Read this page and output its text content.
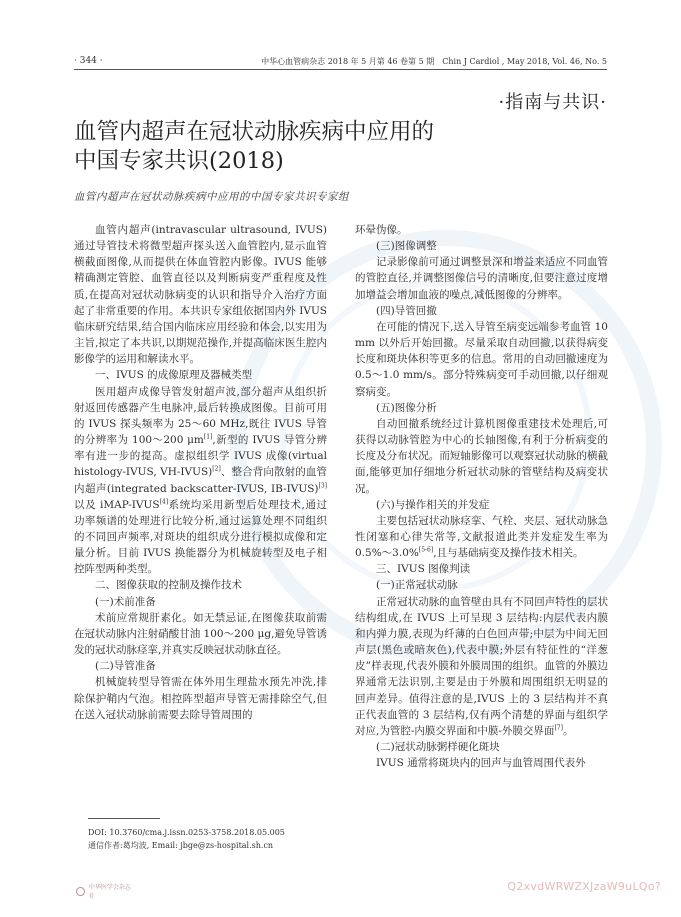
· 344 ·	中华心血管病杂志 2018 年 5 月第 46 卷第 5 期　Chin J Cardiol , May 2018, Vol. 46, No. 5
·指南与共识·
血管内超声在冠状动脉疾病中应用的
中国专家共识(2018)
血管内超声在冠状动脉疾病中应用的中国专家共识专家组

血管内超声(intravascular ultrasound, IVUS)通过导管技术将微型超声探头送入血管腔内,显示血管横截面图像,从而提供在体血管腔内影像。IVUS 能够精确测定管腔、血管直径以及判断病变严重程度及性质,在提高对冠状动脉病变的认识和指导介入治疗方面起了非常重要的作用。本共识专家组依据国内外 IVUS 临床研究结果,结合国内临床应用经验和体会,以实用为主旨,拟定了本共识,以期规范操作,并提高临床医生腔内影像学的运用和解读水平。

一、IVUS 的成像原理及器械类型

医用超声成像导管发射超声波,部分超声从组织折射返回传感器产生电脉冲,最后转换成图像。目前可用的 IVUS 探头频率为 25～60 MHz,既往 IVUS 导管的分辨率为 100～200 μm[1],新型的 IVUS 导管分辨率有进一步的提高。虚拟组织学 IVUS 成像(virtual histology-IVUS, VH-IVUS)[2]、整合背向散射的血管内超声(integrated backscatter-IVUS, IB-IVUS)[3]以及 iMAP-IVUS[4]系统均采用新型后处理技术,通过功率频谱的处理进行比较分析,通过运算处理不同组织的不同回声频率,对斑块的组织成分进行模拟成像和定量分析。目前 IVUS 换能器分为机械旋转型及电子相控阵型两种类型。

二、图像获取的控制及操作技术

(一)术前准备

术前应常规肝素化。如无禁忌证,在图像获取前需在冠状动脉内注射硝酸甘油 100～200 μg,避免导管诱发的冠状动脉痉挛,并真实反映冠状动脉直径。

(二)导管准备

机械旋转型导管需在体外用生理盐水预先冲洗,排除保护鞘内气泡。相控阵型超声导管无需排除空气,但在送入冠状动脉前需要去除导管周围的

环晕伪像。

(三)图像调整

记录影像前可通过调整景深和增益来适应不同血管的管腔直径,并调整图像信号的清晰度,但要注意过度增加增益会增加血液的噪点,减低图像的分辨率。

(四)导管回撤

在可能的情况下,送入导管至病变远端参考血管 10 mm 以外后开始回撤。尽量采取自动回撤,以获得病变长度和斑块体积等更多的信息。常用的自动回撤速度为 0.5～1.0 mm/s。部分特殊病变可手动回撤,以仔细观察病变。

(五)图像分析

自动回撤系统经过计算机图像重建技术处理后,可获得以动脉管腔为中心的长轴图像,有利于分析病变的长度及分布状况。而短轴影像可以观察冠状动脉的横截面,能够更加仔细地分析冠状动脉的管壁结构及病变状况。

(六)与操作相关的并发症

主要包括冠状动脉痉挛、气栓、夹层、冠状动脉急性闭塞和心律失常等,文献报道此类并发症发生率为 0.5%～3.0%[5-6],且与基础病变及操作技术相关。

三、IVUS 图像判读

(一)正常冠状动脉

正常冠状动脉的血管壁由具有不同回声特性的层状结构组成,在 IVUS 上可呈现 3 层结构:内层代表内膜和内弹力膜,表现为纤薄的白色回声带;中层为中间无回声层(黑色或暗灰色),代表中膜;外层有特征性的“洋葱皮”样表现,代表外膜和外膜周围的组织。血管的外膜边界通常无法识别,主要是由于外膜和周围组织无明显的回声差异。值得注意的是,IVUS 上的 3 层结构并不真正代表血管的 3 层结构,仅有两个清楚的界面与组织学对应,为管腔-内膜交界面和中膜-外膜交界面[7]。

(二)冠状动脉粥样硬化斑块

IVUS 通常将斑块内的回声与血管周围代表外

DOI: 10.3760/cma.j.issn.0253-3758.2018.05.005
通信作者:葛均波, Email: jbge@zs-hospital.sh.cn
中华医学会杂志社
Q2xvdWRWZXJzaW9uLQo?
